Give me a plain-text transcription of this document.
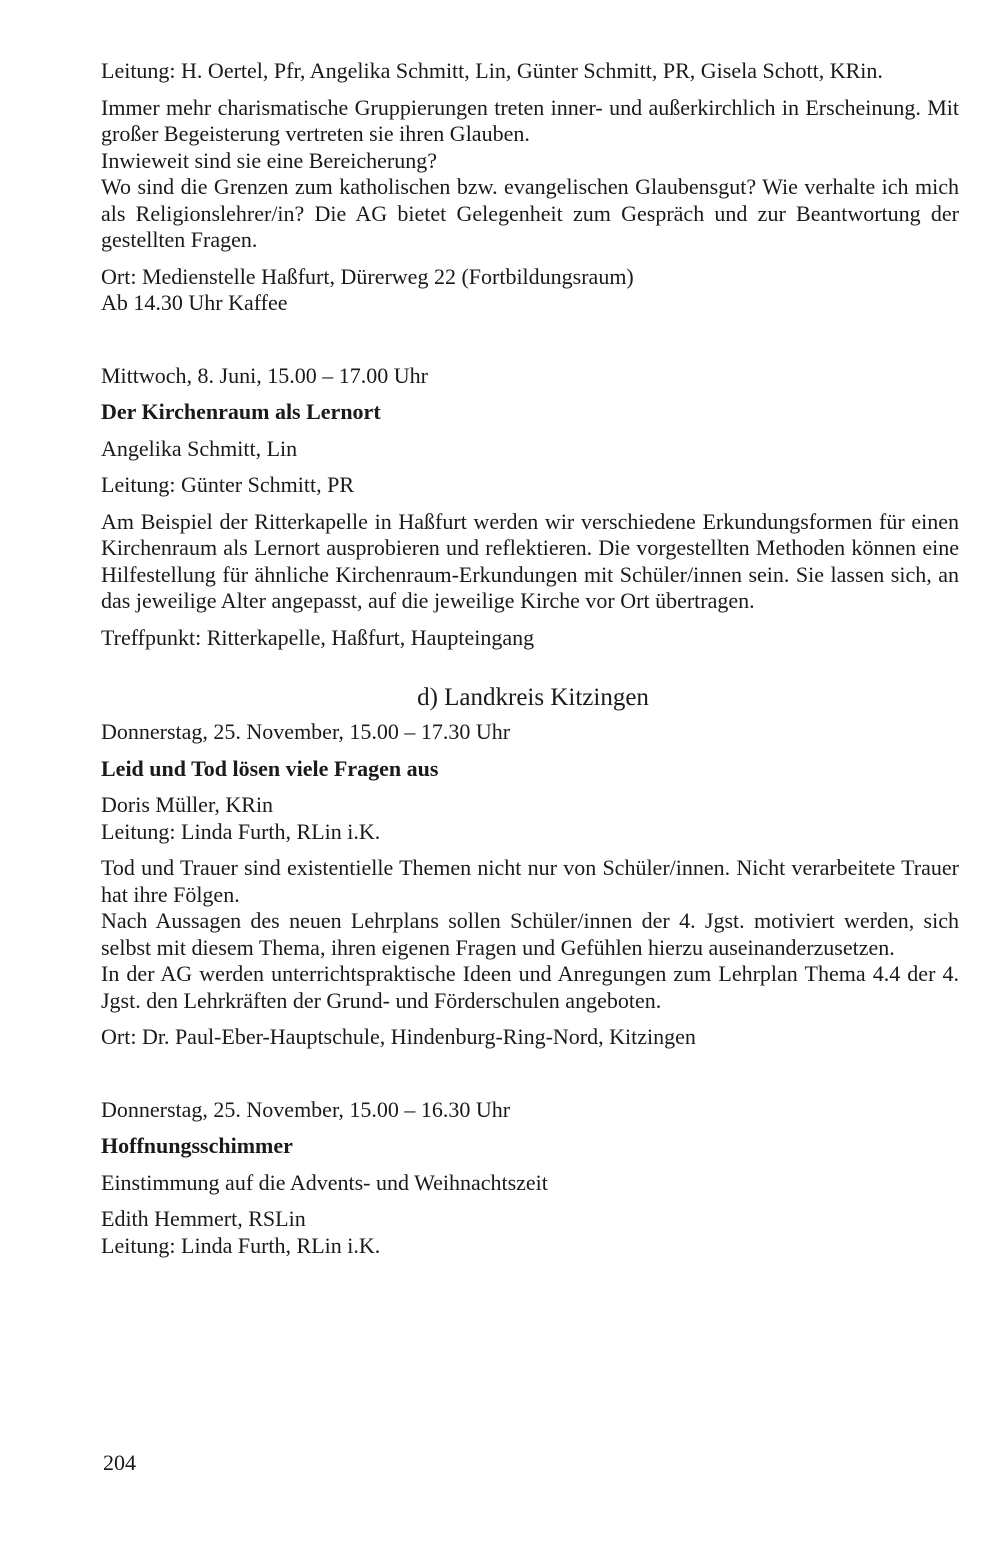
Leitung: H. Oertel, Pfr, Angelika Schmitt, Lin, Günter Schmitt, PR, Gisela Schott, KRin.

Immer mehr charismatische Gruppierungen treten inner- und außerkirchlich in Erscheinung. Mit großer Begeisterung vertreten sie ihren Glauben.

Inwieweit sind sie eine Bereicherung?

Wo sind die Grenzen zum katholischen bzw. evangelischen Glaubensgut? Wie verhalte ich mich als Religionslehrer/in? Die AG bietet Gelegenheit zum Gespräch und zur Beantwortung der gestellten Fragen.

Ort: Medienstelle Haßfurt, Dürerweg 22 (Fortbildungsraum)

Ab 14.30 Uhr Kaffee

Mittwoch, 8. Juni, 15.00 – 17.00 Uhr

Der Kirchenraum als Lernort

Angelika Schmitt, Lin

Leitung: Günter Schmitt, PR

Am Beispiel der Ritterkapelle in Haßfurt werden wir verschiedene Erkundungsformen für einen Kirchenraum als Lernort ausprobieren und reflektieren. Die vorgestellten Methoden können eine Hilfestellung für ähnliche Kirchenraum-Erkundungen mit Schüler/innen sein. Sie lassen sich, an das jeweilige Alter angepasst, auf die jeweilige Kirche vor Ort übertragen.

Treffpunkt: Ritterkapelle, Haßfurt, Haupteingang

d) Landkreis Kitzingen

Donnerstag, 25. November, 15.00 – 17.30 Uhr

Leid und Tod lösen viele Fragen aus

Doris Müller, KRin

Leitung: Linda Furth, RLin i.K.

Tod und Trauer sind existentielle Themen nicht nur von Schüler/innen. Nicht verarbeitete Trauer hat ihre Fölgen.

Nach Aussagen des neuen Lehrplans sollen Schüler/innen der 4. Jgst. motiviert werden, sich selbst mit diesem Thema, ihren eigenen Fragen und Gefühlen hierzu auseinanderzusetzen.

In der AG werden unterrichtspraktische Ideen und Anregungen zum Lehrplan Thema 4.4 der 4. Jgst. den Lehrkräften der Grund- und Förderschulen angeboten.

Ort: Dr. Paul-Eber-Hauptschule, Hindenburg-Ring-Nord, Kitzingen

Donnerstag, 25. November, 15.00 – 16.30 Uhr

Hoffnungsschimmer

Einstimmung auf die Advents- und Weihnachtszeit

Edith Hemmert, RSLin

Leitung: Linda Furth, RLin i.K.

204
